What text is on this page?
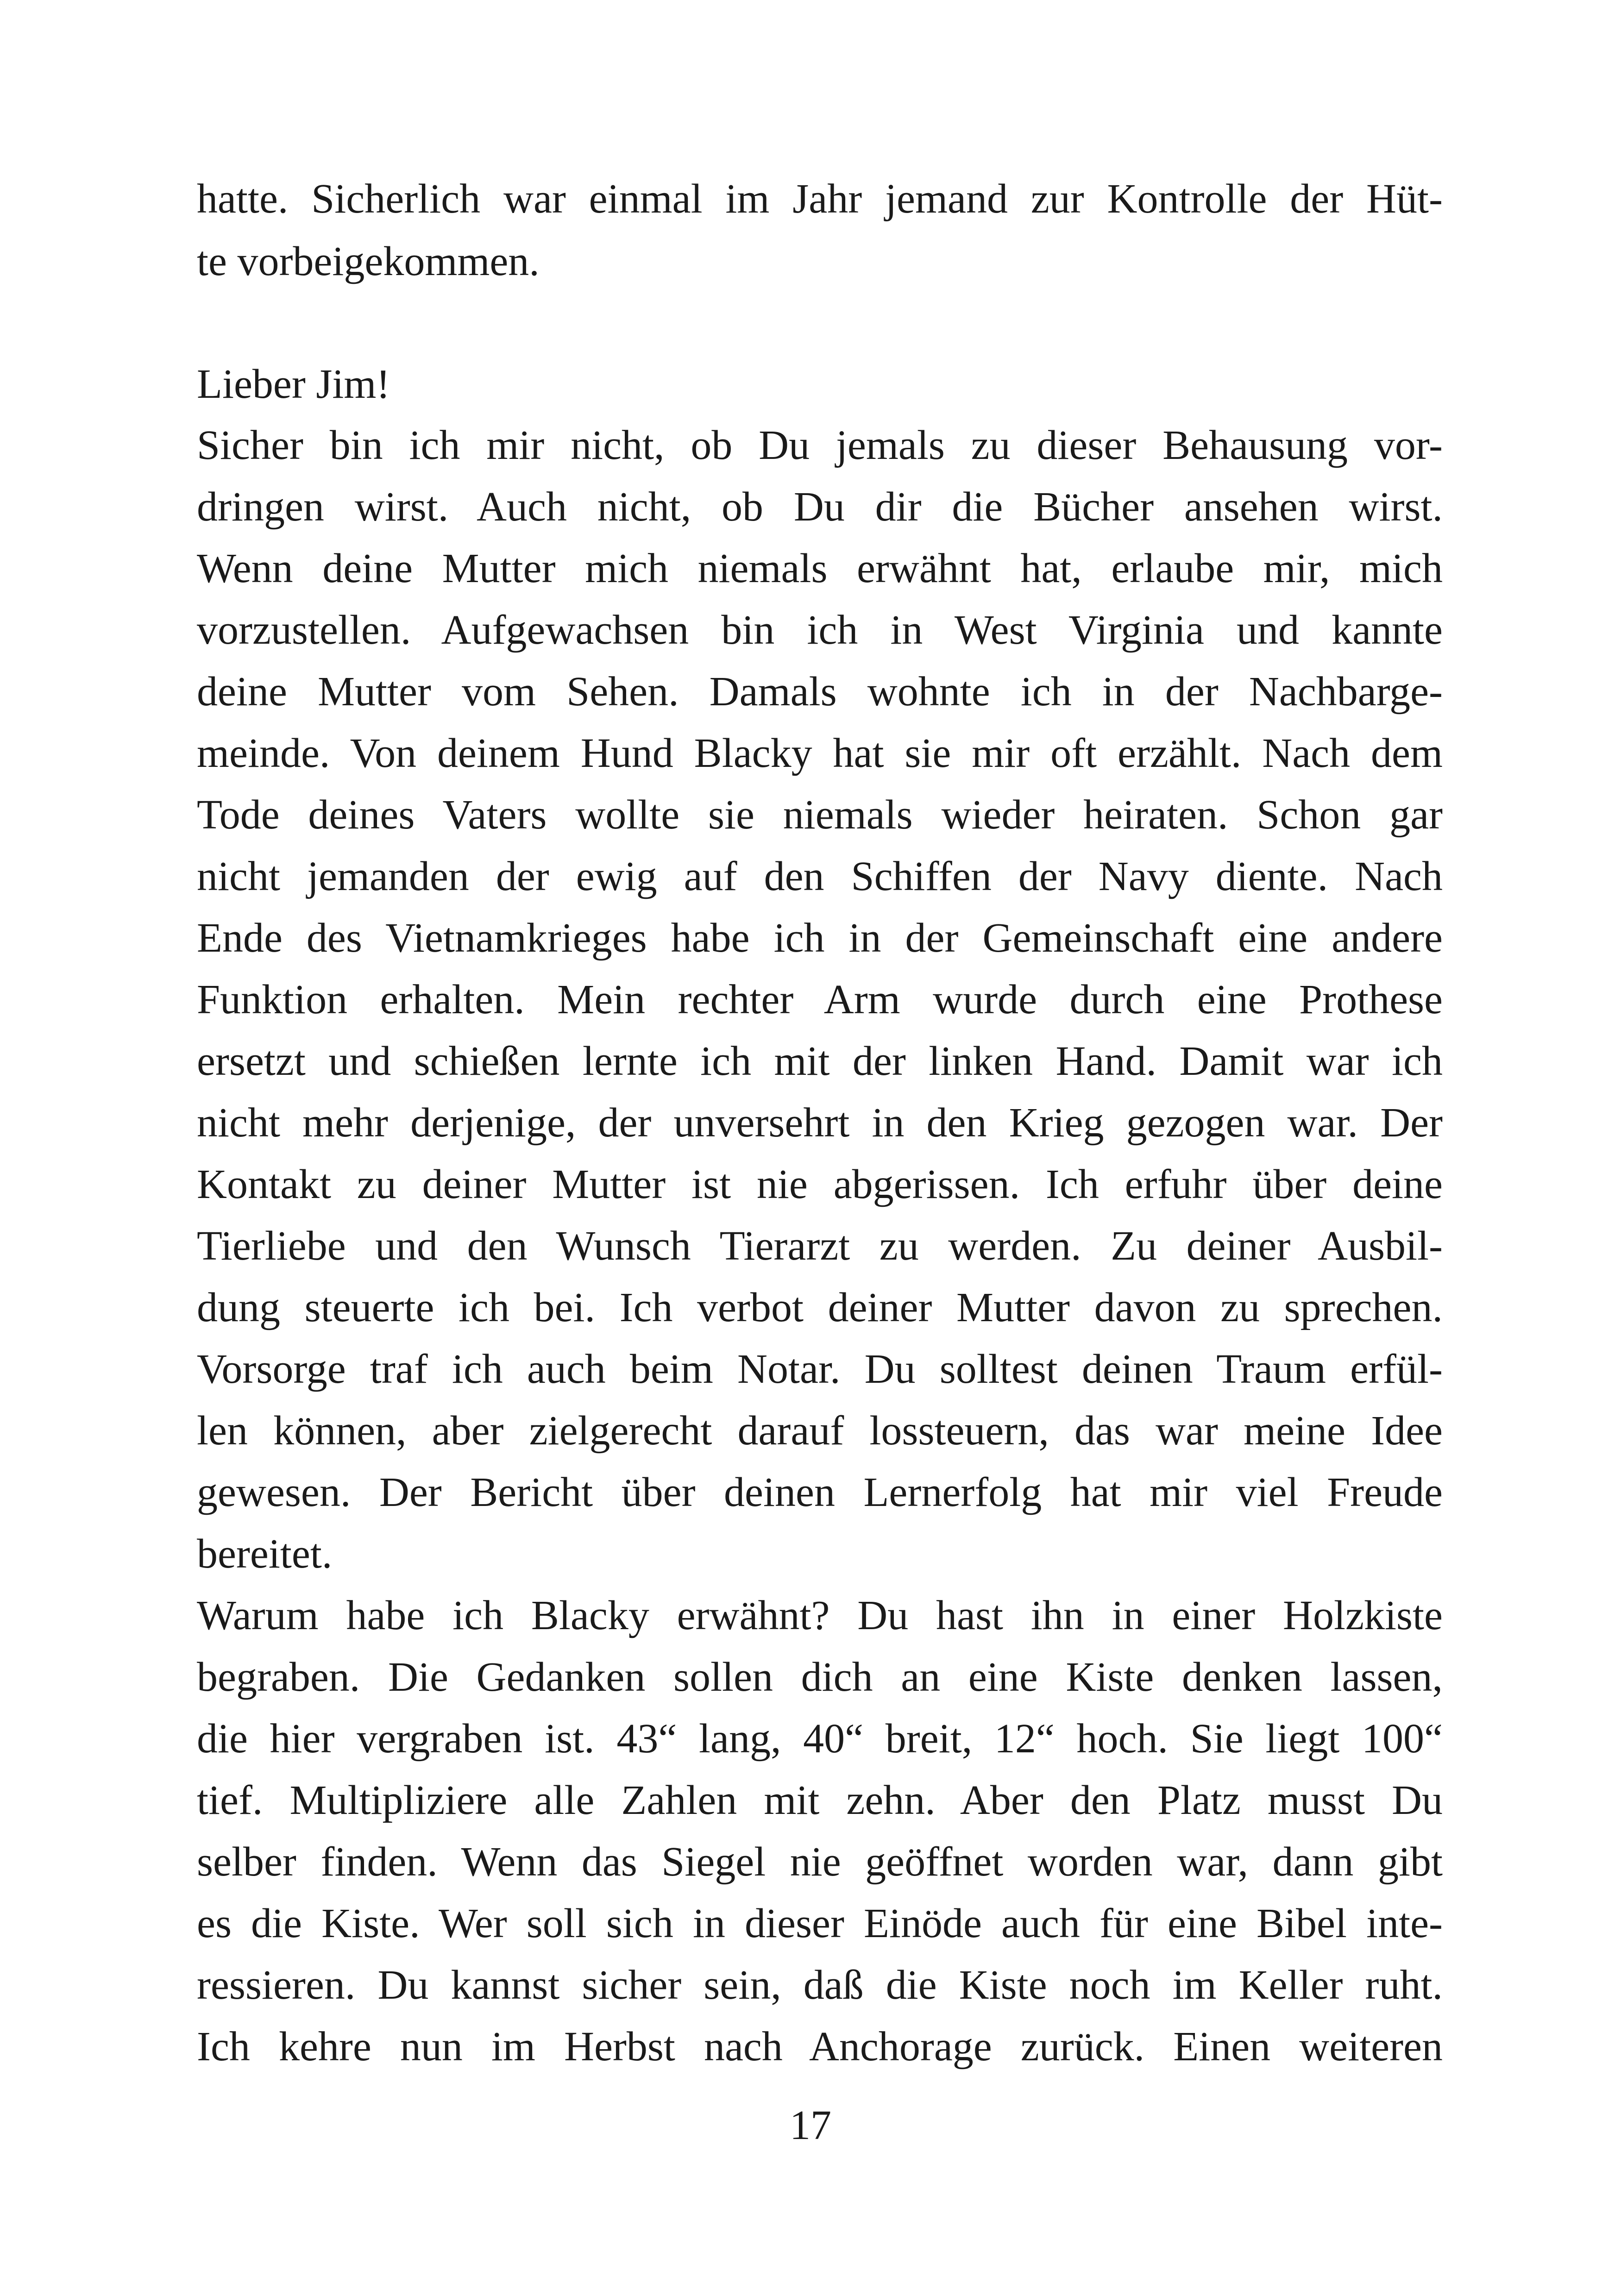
hatte. Sicherlich war einmal im Jahr jemand zur Kontrolle der Hüt-
te vorbeigekommen.
Lieber Jim!
Sicher bin ich mir nicht, ob Du jemals zu dieser Behausung vor-
dringen wirst. Auch nicht, ob Du dir die Bücher ansehen wirst.
Wenn deine Mutter mich niemals erwähnt hat, erlaube mir, mich
vorzustellen. Aufgewachsen bin ich in West Virginia und kannte
deine Mutter vom Sehen. Damals wohnte ich in der Nachbarge-
meinde. Von deinem Hund Blacky hat sie mir oft erzählt. Nach dem
Tode deines Vaters wollte sie niemals wieder heiraten. Schon gar
nicht jemanden der ewig auf den Schiffen der Navy diente. Nach
Ende des Vietnamkrieges habe ich in der Gemeinschaft eine andere
Funktion erhalten. Mein rechter Arm wurde durch eine Prothese
ersetzt und schießen lernte ich mit der linken Hand. Damit war ich
nicht mehr derjenige, der unversehrt in den Krieg gezogen war. Der
Kontakt zu deiner Mutter ist nie abgerissen. Ich erfuhr über deine
Tierliebe und den Wunsch Tierarzt zu werden. Zu deiner Ausbil-
dung steuerte ich bei. Ich verbot deiner Mutter davon zu sprechen.
Vorsorge traf ich auch beim Notar. Du solltest deinen Traum erfül-
len können, aber zielgerecht darauf lossteuern, das war meine Idee
gewesen. Der Bericht über deinen Lernerfolg hat mir viel Freude
bereitet.
Warum habe ich Blacky erwähnt? Du hast ihn in einer Holzkiste
begraben. Die Gedanken sollen dich an eine Kiste denken lassen,
die hier vergraben ist. 43“ lang, 40“ breit, 12“ hoch. Sie liegt 100“
tief. Multipliziere alle Zahlen mit zehn. Aber den Platz musst Du
selber finden. Wenn das Siegel nie geöffnet worden war, dann gibt
es die Kiste. Wer soll sich in dieser Einöde auch für eine Bibel inte-
ressieren. Du kannst sicher sein, daß die Kiste noch im Keller ruht.
Ich kehre nun im Herbst nach Anchorage zurück. Einen weiteren
17
